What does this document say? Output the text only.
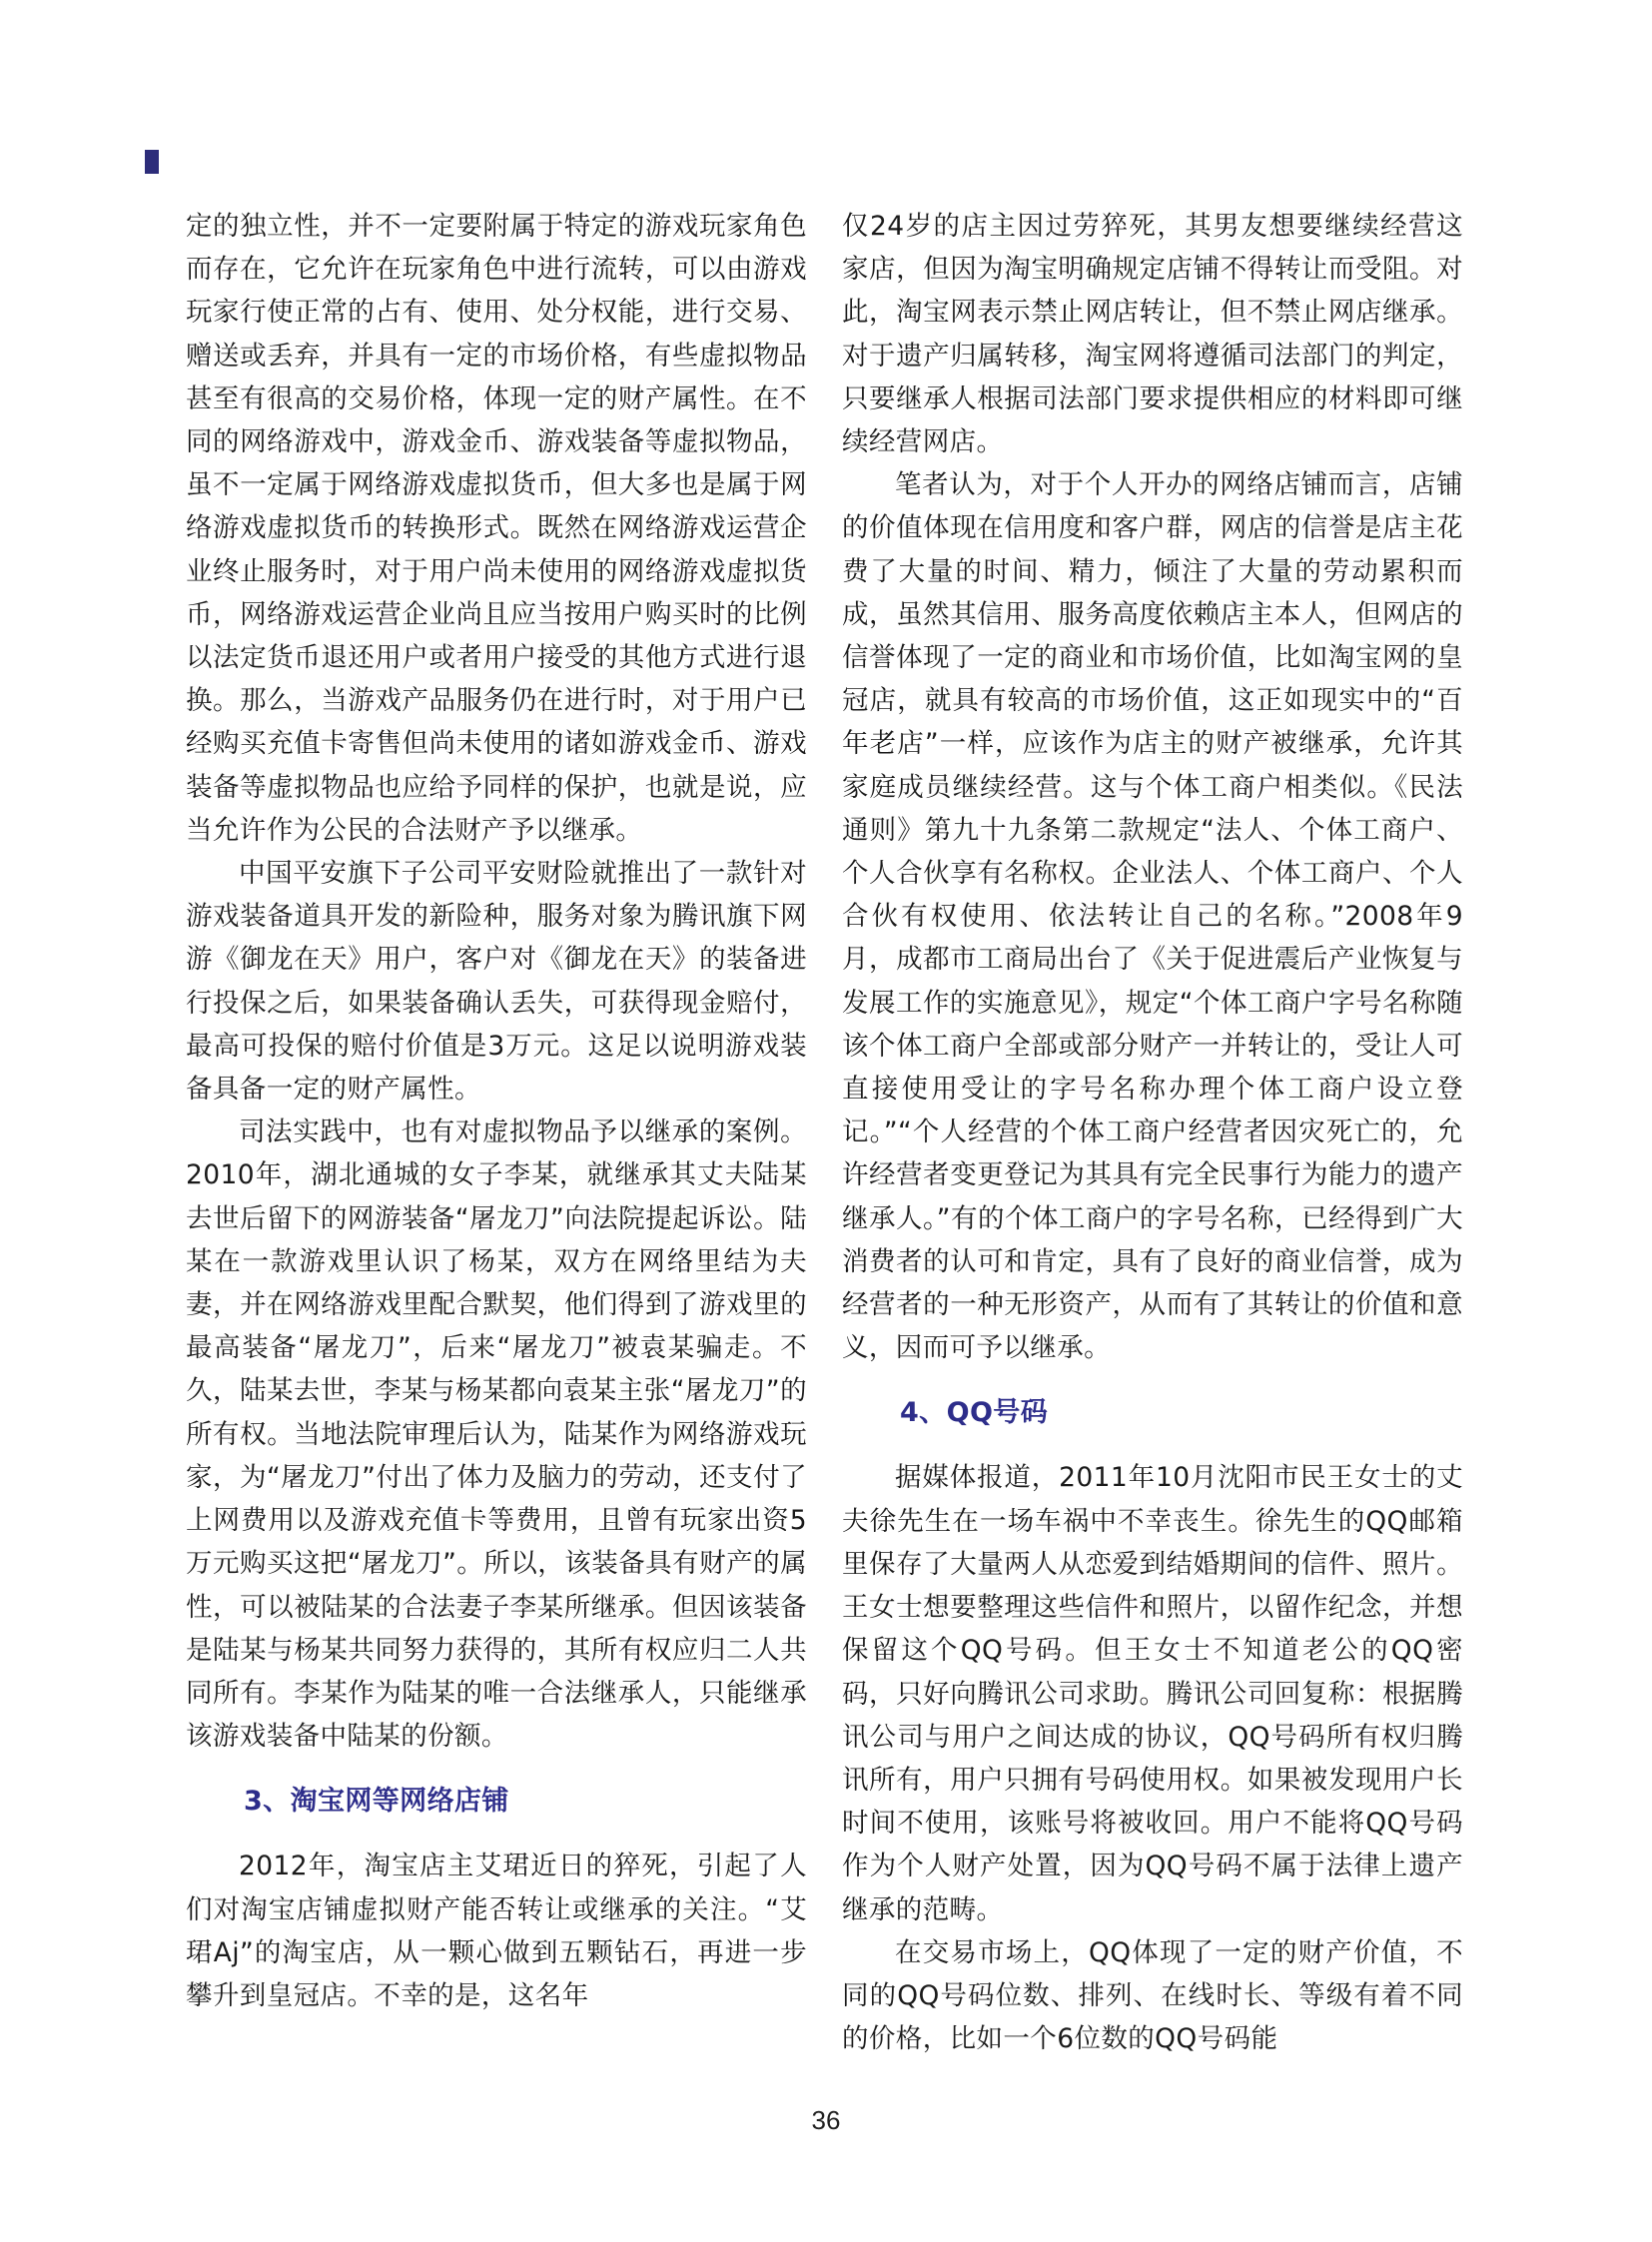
定的独立性，并不一定要附属于特定的游戏玩家角色而存在，它允许在玩家角色中进行流转，可以由游戏玩家行使正常的占有、使用、处分权能，进行交易、赠送或丢弃，并具有一定的市场价格，有些虚拟物品甚至有很高的交易价格，体现一定的财产属性。在不同的网络游戏中，游戏金币、游戏装备等虚拟物品，虽不一定属于网络游戏虚拟货币，但大多也是属于网络游戏虚拟货币的转换形式。既然在网络游戏运营企业终止服务时，对于用户尚未使用的网络游戏虚拟货币，网络游戏运营企业尚且应当按用户购买时的比例以法定货币退还用户或者用户接受的其他方式进行退换。那么，当游戏产品服务仍在进行时，对于用户已经购买充值卡寄售但尚未使用的诸如游戏金币、游戏装备等虚拟物品也应给予同样的保护，也就是说，应当允许作为公民的合法财产予以继承。

中国平安旗下子公司平安财险就推出了一款针对游戏装备道具开发的新险种，服务对象为腾讯旗下网游《御龙在天》用户，客户对《御龙在天》的装备进行投保之后，如果装备确认丢失，可获得现金赔付，最高可投保的赔付价值是3万元。这足以说明游戏装备具备一定的财产属性。

司法实践中，也有对虚拟物品予以继承的案例。2010年，湖北通城的女子李某，就继承其丈夫陆某去世后留下的网游装备“屠龙刀”向法院提起诉讼。陆某在一款游戏里认识了杨某，双方在网络里结为夫妻，并在网络游戏里配合默契，他们得到了游戏里的最高装备“屠龙刀”，后来“屠龙刀”被袁某骗走。不久，陆某去世，李某与杨某都向袁某主张“屠龙刀”的所有权。当地法院审理后认为，陆某作为网络游戏玩家，为“屠龙刀”付出了体力及脑力的劳动，还支付了上网费用以及游戏充值卡等费用，且曾有玩家出资5万元购买这把“屠龙刀”。所以，该装备具有财产的属性，可以被陆某的合法妻子李某所继承。但因该装备是陆某与杨某共同努力获得的，其所有权应归二人共同所有。李某作为陆某的唯一合法继承人，只能继承该游戏装备中陆某的份额。

3、淘宝网等网络店铺

2012年，淘宝店主艾珺近日的猝死，引起了人们对淘宝店铺虚拟财产能否转让或继承的关注。“艾珺Aj”的淘宝店，从一颗心做到五颗钻石，再进一步攀升到皇冠店。不幸的是，这名年

仅24岁的店主因过劳猝死，其男友想要继续经营这家店，但因为淘宝明确规定店铺不得转让而受阻。对此，淘宝网表示禁止网店转让，但不禁止网店继承。对于遗产归属转移，淘宝网将遵循司法部门的判定，只要继承人根据司法部门要求提供相应的材料即可继续经营网店。

笔者认为，对于个人开办的网络店铺而言，店铺的价值体现在信用度和客户群，网店的信誉是店主花费了大量的时间、精力，倾注了大量的劳动累积而成，虽然其信用、服务高度依赖店主本人，但网店的信誉体现了一定的商业和市场价值，比如淘宝网的皇冠店，就具有较高的市场价值，这正如现实中的“百年老店”一样，应该作为店主的财产被继承，允许其家庭成员继续经营。这与个体工商户相类似。《民法通则》第九十九条第二款规定“法人、个体工商户、个人合伙享有名称权。企业法人、个体工商户、个人合伙有权使用、依法转让自己的名称。”2008年9月，成都市工商局出台了《关于促进震后产业恢复与发展工作的实施意见》，规定“个体工商户字号名称随该个体工商户全部或部分财产一并转让的，受让人可直接使用受让的字号名称办理个体工商户设立登记。”“个人经营的个体工商户经营者因灾死亡的，允许经营者变更登记为其具有完全民事行为能力的遗产继承人。”有的个体工商户的字号名称，已经得到广大消费者的认可和肯定，具有了良好的商业信誉，成为经营者的一种无形资产，从而有了其转让的价值和意义，因而可予以继承。

4、QQ号码

据媒体报道，2011年10月沈阳市民王女士的丈夫徐先生在一场车祸中不幸丧生。徐先生的QQ邮箱里保存了大量两人从恋爱到结婚期间的信件、照片。王女士想要整理这些信件和照片，以留作纪念，并想保留这个QQ号码。但王女士不知道老公的QQ密码，只好向腾讯公司求助。腾讯公司回复称：根据腾讯公司与用户之间达成的协议，QQ号码所有权归腾讯所有，用户只拥有号码使用权。如果被发现用户长时间不使用，该账号将被收回。用户不能将QQ号码作为个人财产处置，因为QQ号码不属于法律上遗产继承的范畴。

在交易市场上，QQ体现了一定的财产价值，不同的QQ号码位数、排列、在线时长、等级有着不同的价格，比如一个6位数的QQ号码能

36
